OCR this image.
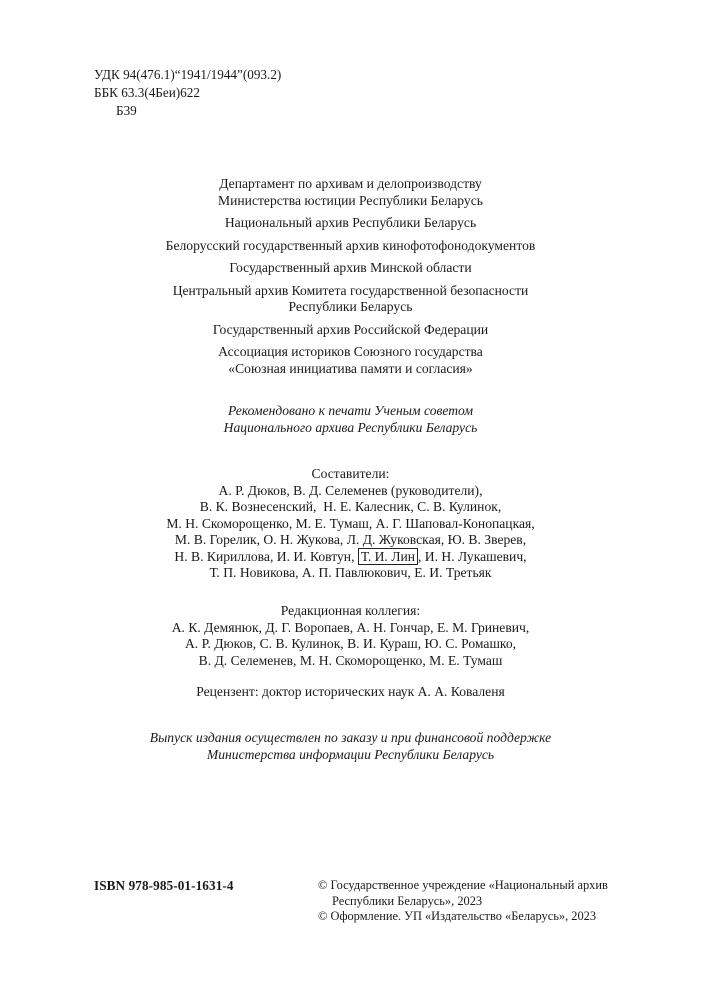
УДК 94(476.1)“1941/1944”(093.2)
ББК 63.3(4Беи)622
Б39
Департамент по архивам и делопроизводству
Министерства юстиции Республики Беларусь
Национальный архив Республики Беларусь
Белорусский государственный архив кинофотофонодокументов
Государственный архив Минской области
Центральный архив Комитета государственной безопасности
Республики Беларусь
Государственный архив Российской Федерации
Ассоциация историков Союзного государства
«Союзная инициатива памяти и согласия»
Рекомендовано к печати Ученым советом
Национального архива Республики Беларусь
Составители:
А. Р. Дюков, В. Д. Селеменев (руководители),
В. К. Вознесенский,  Н. Е. Калесник, С. В. Кулинок,
М. Н. Скоморощенко, М. Е. Тумаш, А. Г. Шаповал-Конопацкая,
М. В. Горелик, О. Н. Жукова, Л. Д. Жуковская, Ю. В. Зверев,
Н. В. Кириллова, И. И. Ковтун, Т. И. Лин , И. Н. Лукашевич,
Т. П. Новикова, А. П. Павлюкович, Е. И. Третьяк
Редакционная коллегия:
А. К. Демянюк, Д. Г. Воропаев, А. Н. Гончар, Е. М. Гриневич,
А. Р. Дюков, С. В. Кулинок, В. И. Кураш, Ю. С. Ромашко,
В. Д. Селеменев, М. Н. Скоморощенко, М. Е. Тумаш
Рецензент: доктор исторических наук А. А. Коваленя
Выпуск издания осуществлен по заказу и при финансовой поддержке
Министерства информации Республики Беларусь
ISBN 978-985-01-1631-4	© Государственное учреждение «Национальный архив
Республики Беларусь», 2023
© Оформление. УП «Издательство «Беларусь», 2023
